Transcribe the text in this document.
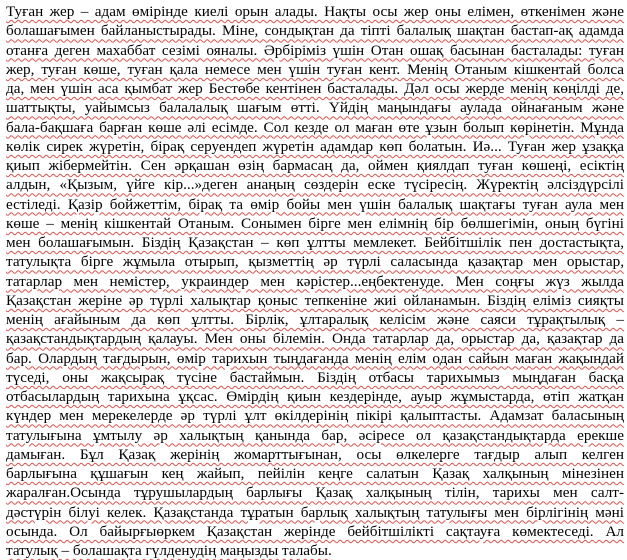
Туған жер – адам өмірінде киелі орын алады. Нақты осы жер оны елімен, өткенімен және
болашағымен байланыстырады. Міне, сондықтан да тіпті балалық шақтан бастап-ақ адамда
отанға деген махаббат сезімі ояналы. Әрбіріміз үшін Отан ошақ басынан басталады: туған
жер, туған көше, туған қала немесе мен үшін туған кент. Менің Отаным кішкентай болса
да, мен үшін аса қымбат жер Бестөбе кентінен басталады. Дәл осы жерде менің көңілді де,
шаттықты, уайымсыз балалалық шағым өтті. Үйдің маңындағы аулада ойнағаным және
бала-бақшаға барған көше әлі есімде. Сол кезде ол маған өте ұзын болып көрінетін. Мұнда
көлік сирек жүретін, бірақ серуендеп жүретін адамдар көп болатын. Иә... Туған жер ұзаққа
қиып жібермейтін. Сен әрқашан өзің бармасаң да, оймен қиялдап туған көшеңі, есіктің
алдын, «Қызым, үйге кір...»деген анаңың сөздерін еске түсіресің. Жүректің әлсіздүрсілі
естіледі. Қазір бойжеттім, бірақ та өмір бойы мен үшін балалық шақтағы туған аула мен
көше – менің кішкентай Отаным. Сонымен бірге мен елімнің бір бөлшегімін, оның бүгіні
мен болашағымын. Біздің Қазақстан – көп ұлтты мемлекет. Бейбітшілік пен достастықта,
татулықта бірге жұмыла отырып, қызметтің әр түрлі саласында қазақтар мен орыстар,
татарлар мен немістер, украиндер мен кәрістер...еңбектенуде. Мен соңғы жүз жылда
Қазақстан жеріне әр түрлі халықтар қоныс тепкеніне жиі ойланамын. Біздің еліміз сияқты
менің ағайыным да көп ұлтты. Бірлік, ұлтаралық келісім және саяси тұрақтылық –
қазақстандықтардың қалауы. Мен оны білемін. Онда татарлар да, орыстар да, қазақтар да
бар. Олардың тағдырын, өмір тарихын тыңдағанда менің елім одан сайын маған жақындай
түседі, оны жақсырақ түсіне бастаймын. Біздің отбасы тарихымыз мыңдаған басқа
отбасылардың тарихына ұқсас. Өмірдің қиын кездерінде, ауыр жұмыстарда, өтіп жатқан
күндер мен мерекелерде әр түрлі ұлт өкілдерінің пікірі қалыптасты. Адамзат баласының
татулығына ұмтылу әр халықтың қанында бар, әсіресе ол қазақстандықтарда ерекше
дамыған. Бұл Қазақ жерінің жомарттығынан, осы өлкелерге тағдыр алып келген
барлығына құшағын кең жайып, пейілін кеңге салатын Қазақ халқының мінезінен
жаралған.Осында тұрушылардың барлығы Қазақ халқының тілін, тарихы мен салт-
дәстүрін білуі келек. Қазақстанда тұратын барлық халықтың татулығы мен бірлігінің мәні
осында. Ол байырғыөркем Қазақстан жерінде бейбітшілікті сақтауға көмектеседі. Ал
татулық – болашақта гүлденудің маңызды талабы.
